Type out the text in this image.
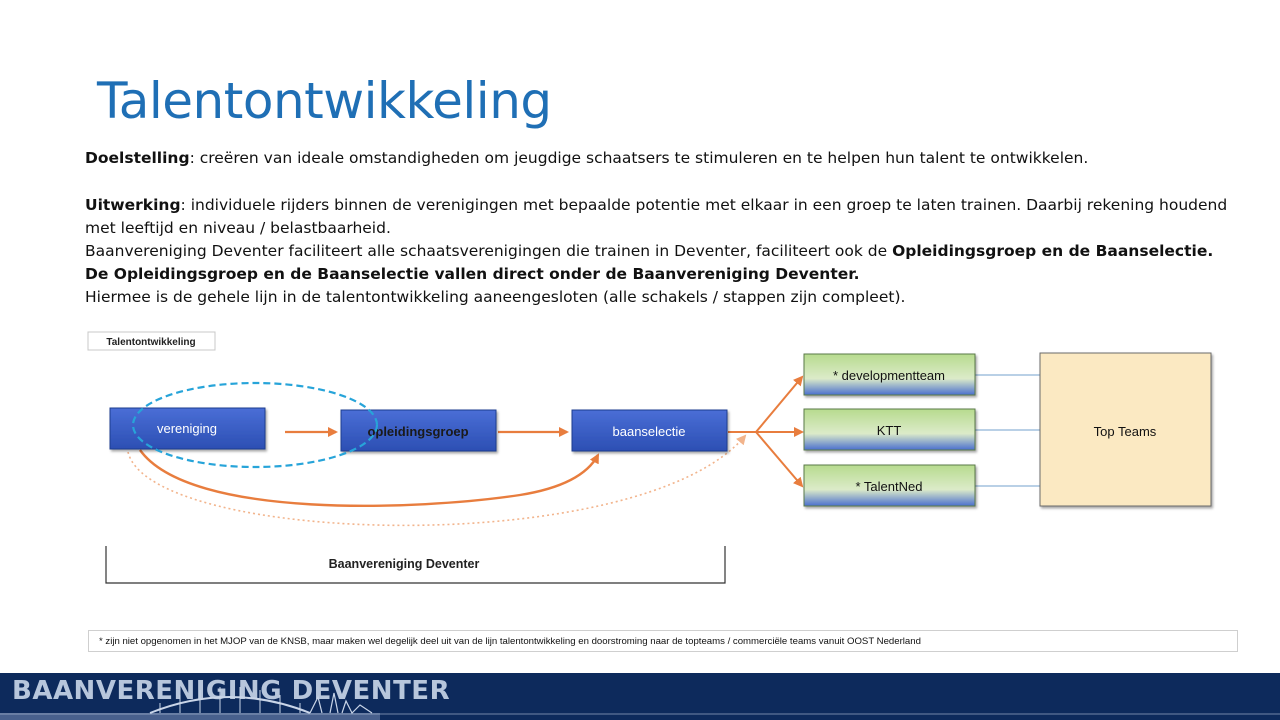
Talentontwikkeling
Doelstelling: creëren van ideale omstandigheden om jeugdige schaatsers te stimuleren en te helpen hun talent te ontwikkelen.
Uitwerking: individuele rijders binnen de verenigingen met bepaalde potentie met elkaar in een groep te laten trainen. Daarbij rekening houdend met leeftijd en niveau / belastbaarheid.
Baanvereniging Deventer faciliteert alle schaatsverenigingen die trainen in Deventer, faciliteert ook de Opleidingsgroep en de Baanselectie.
De Opleidingsgroep en de Baanselectie vallen direct onder de Baanvereniging Deventer.
Hiermee is de gehele lijn in de talentontwikkeling aaneengesloten (alle schakels / stappen zijn compleet).
Talentontwikkeling
vereniging	opleidingsgroep	baanselectie
* developmentteam
KTT
* TalentNed
Top Teams
Baanvereniging Deventer
* zijn niet opgenomen in het MJOP van de KNSB, maar maken wel degelijk deel uit van de lijn talentontwikkeling en doorstroming naar de topteams / commerciële teams vanuit OOST Nederland
BAANVERENIGING DEVENTER
